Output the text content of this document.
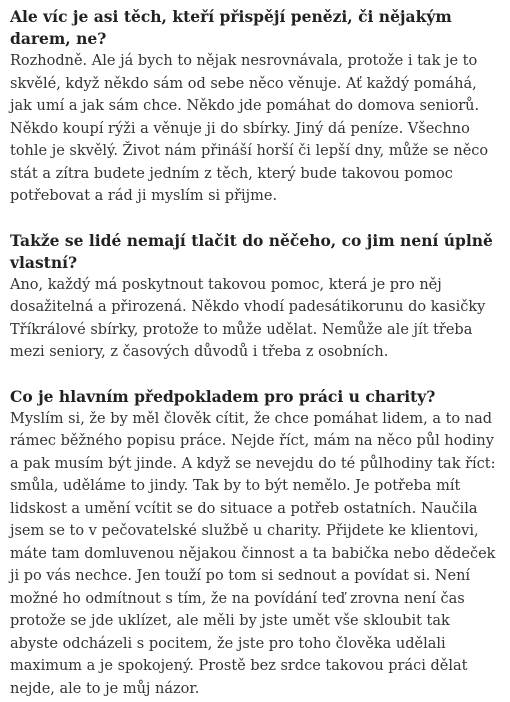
Ale víc je asi těch, kteří přispějí penězi, či nějakým darem, ne?

Rozhodně. Ale já bych to nějak nesrovnávala, protože i tak je to skvělé, když někdo sám od sebe něco věnuje. Ať každý pomáhá, jak umí a jak sám chce. Někdo jde pomáhat do domova seniorů. Někdo koupí rýži a věnuje ji do sbírky. Jiný dá peníze. Všechno tohle je skvělý. Život nám přináší horší či lepší dny, může se něco stát a zítra budete jedním z těch, který bude takovou pomoc potřebovat a rád ji myslím si přijme.

Takže se lidé nemají tlačit do něčeho, co jim není úplně vlastní?

Ano, každý má poskytnout takovou pomoc, která je pro něj dosažitelná a přirozená. Někdo vhodí padesátikorunu do kasičky Tříkrálové sbírky, protože to může udělat. Nemůže ale jít třeba mezi seniory, z časových důvodů i třeba z osobních.

Co je hlavním předpokladem pro práci u charity?

Myslím si, že by měl člověk cítit, že chce pomáhat lidem, a to nad rámec běžného popisu práce. Nejde říct, mám na něco půl hodiny a pak musím být jinde. A když se nevejdu do té půlhodiny tak říct: smůla, uděláme to jindy. Tak by to být nemělo. Je potřeba mít lidskost a umění vcítit se do situace a potřeb ostatních. Naučila jsem se to v pečovatelské službě u charity. Přijdete ke klientovi, máte tam domluvenou nějakou činnost a ta babička nebo dědeček ji po vás nechce. Jen touží po tom si sednout a povídat si. Není možné ho odmítnout s tím, že na povídání teď zrovna není čas protože se jde uklízet, ale měli by jste umět vše skloubit tak abyste odcházeli s pocitem, že jste pro toho člověka udělali maximum a je spokojený. Prostě bez srdce takovou práci dělat nejde, ale to je můj názor.
